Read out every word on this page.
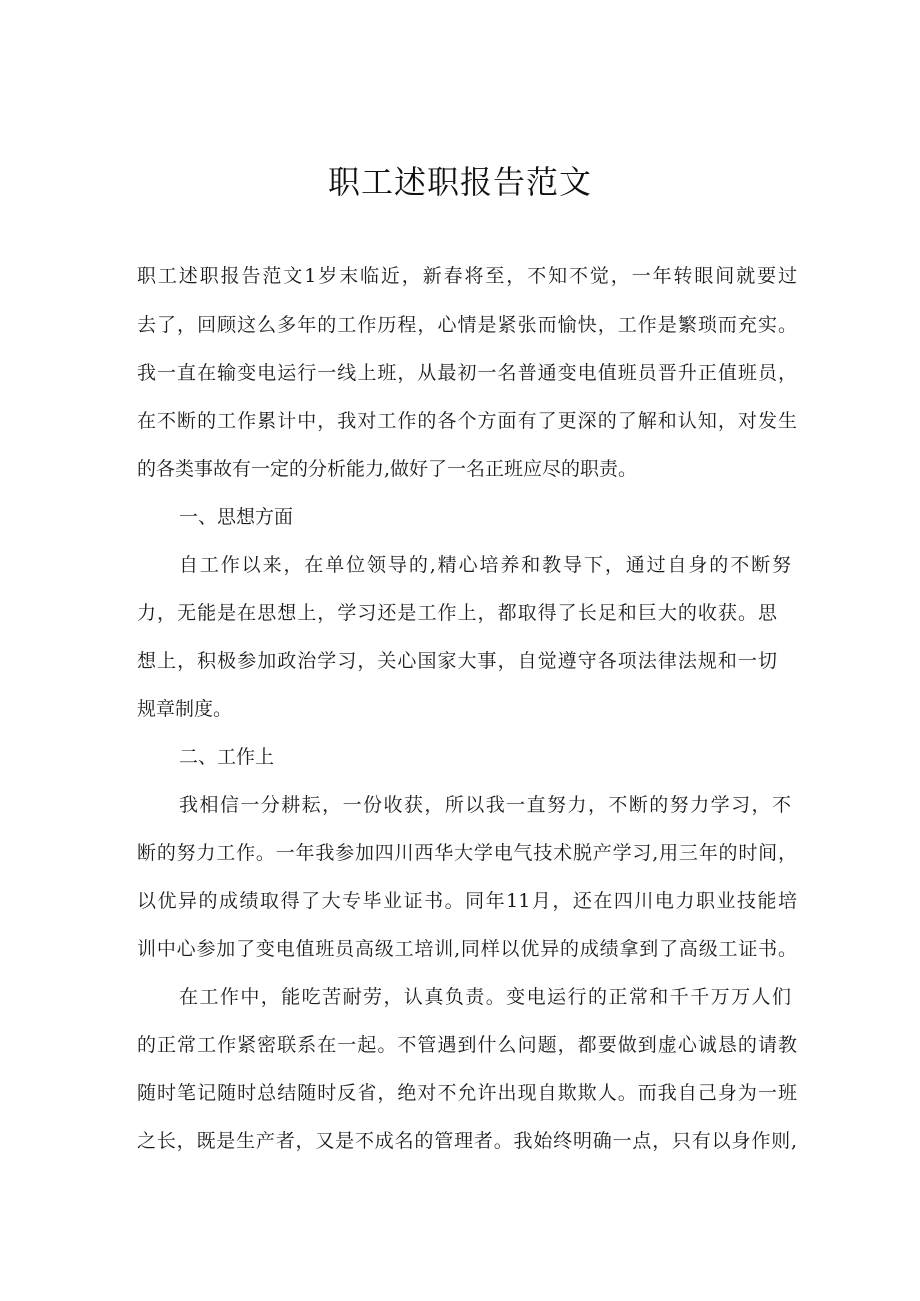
职工述职报告范文
职工述职报告范文1岁末临近，新春将至，不知不觉，一年转眼间就要过
去了，回顾这么多年的工作历程，心情是紧张而愉快，工作是繁琐而充实。
我一直在输变电运行一线上班，从最初一名普通变电值班员晋升正值班员，
在不断的工作累计中，我对工作的各个方面有了更深的了解和认知，对发生
的各类事故有一定的分析能力,做好了一名正班应尽的职责。
一、思想方面
自工作以来，在单位领导的,精心培养和教导下，通过自身的不断努
力，无能是在思想上，学习还是工作上，都取得了长足和巨大的收获。思
想上，积极参加政治学习，关心国家大事，自觉遵守各项法律法规和一切
规章制度。
二、工作上
我相信一分耕耘，一份收获，所以我一直努力，不断的努力学习，不
断的努力工作。一年我参加四川西华大学电气技术脱产学习,用三年的时间，
以优异的成绩取得了大专毕业证书。同年11月，还在四川电力职业技能培
训中心参加了变电值班员高级工培训,同样以优异的成绩拿到了高级工证书。
在工作中，能吃苦耐劳，认真负责。变电运行的正常和千千万万人们
的正常工作紧密联系在一起。不管遇到什么问题，都要做到虚心诚恳的请教
随时笔记随时总结随时反省，绝对不允许出现自欺欺人。而我自己身为一班
之长，既是生产者，又是不成名的管理者。我始终明确一点，只有以身作则,
